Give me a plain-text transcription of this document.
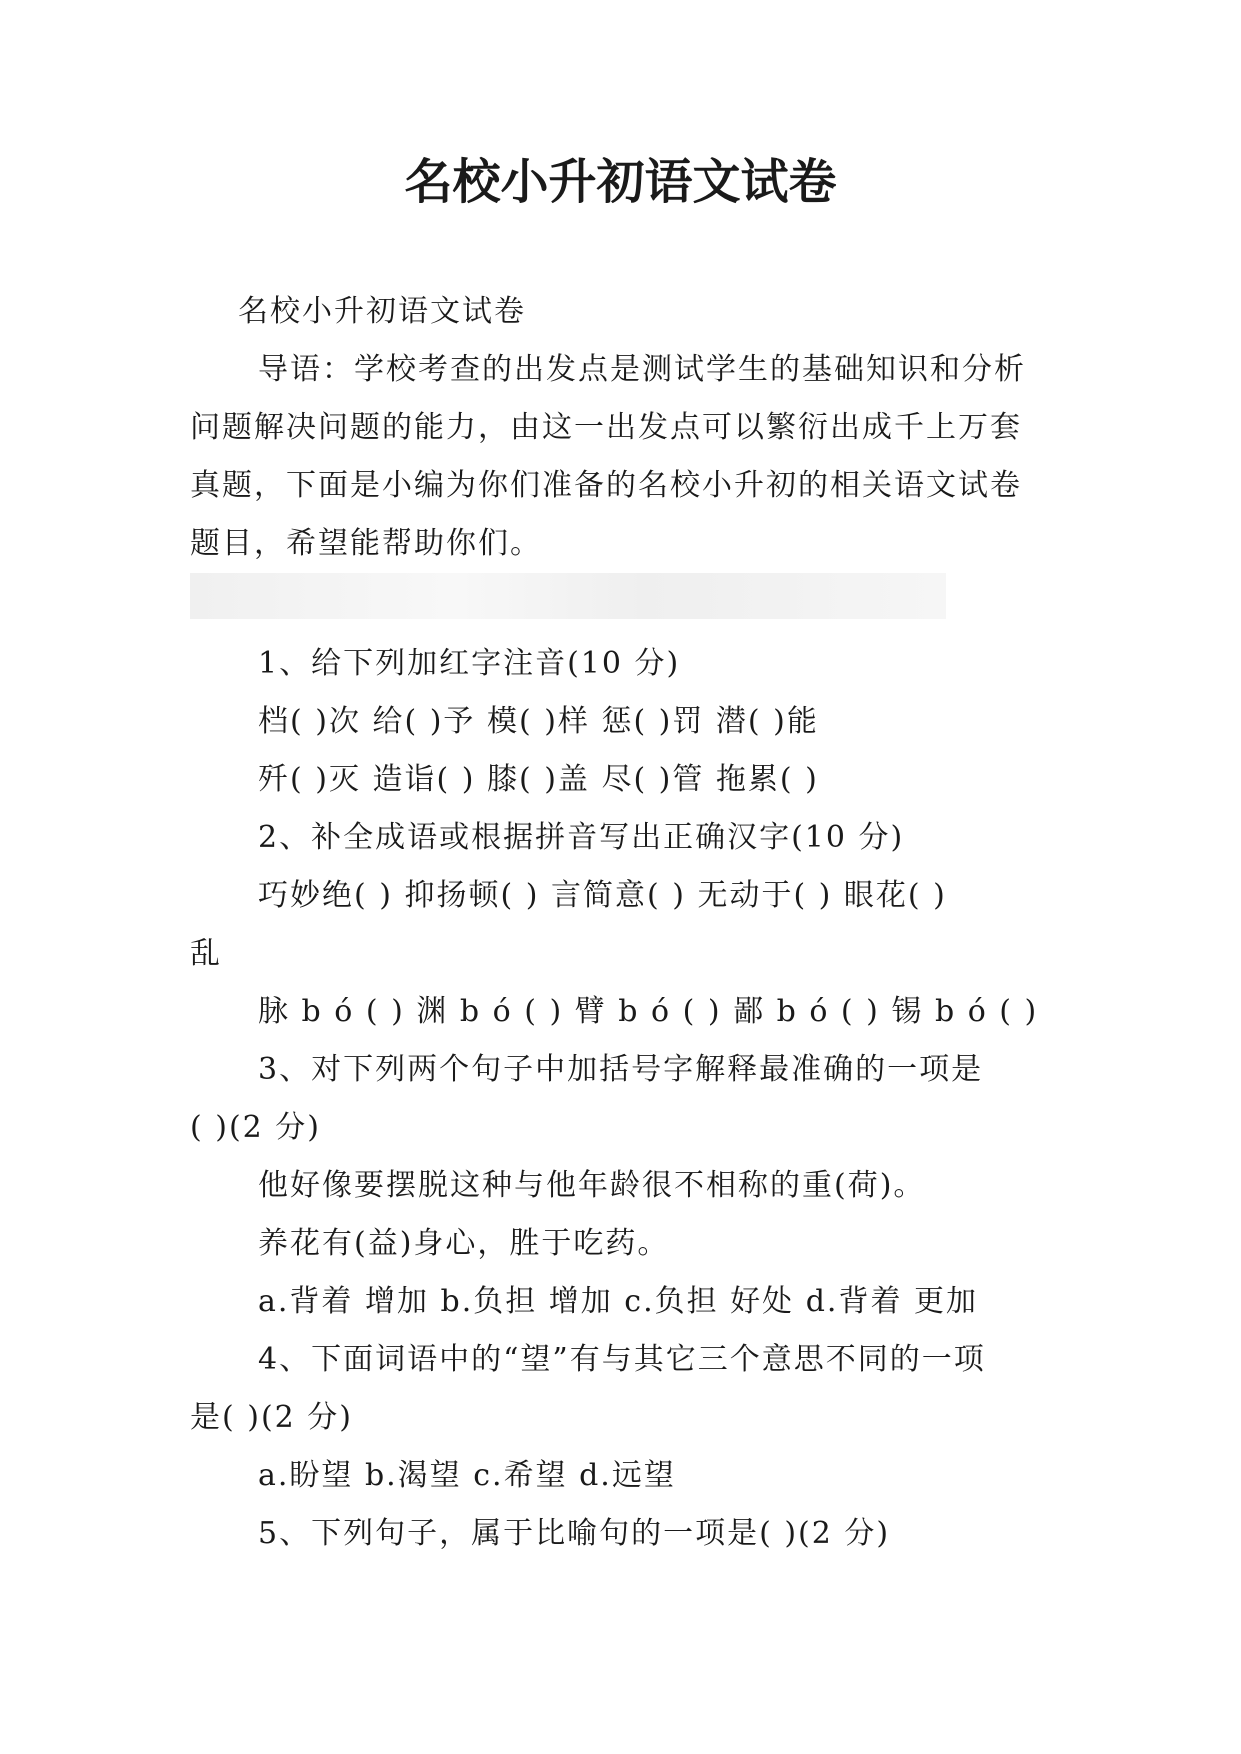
名校小升初语文试卷
名校小升初语文试卷
导语：学校考查的出发点是测试学生的基础知识和分析
问题解决问题的能力，由这一出发点可以繁衍出成千上万套
真题，下面是小编为你们准备的名校小升初的相关语文试卷
题目，希望能帮助你们。
1、给下列加红字注音(10 分)
档( )次 给( )予 模( )样 惩( )罚 潜( )能
歼( )灭 造诣( ) 膝( )盖 尽( )管 拖累( )
2、补全成语或根据拼音写出正确汉字(10 分)
巧妙绝( ) 抑扬顿( ) 言简意( ) 无动于( ) 眼花( )
乱
脉 b ó ( ) 渊 b ó ( ) 臂 b ó ( ) 鄙 b ó ( ) 锡 b ó ( )
3、对下列两个句子中加括号字解释最准确的一项是
( )(2 分)
他好像要摆脱这种与他年龄很不相称的重(荷)。
养花有(益)身心，胜于吃药。
a.背着 增加 b.负担 增加 c.负担 好处 d.背着 更加
4、下面词语中的“望”有与其它三个意思不同的一项
是( )(2 分)
a.盼望 b.渴望 c.希望 d.远望
5、下列句子，属于比喻句的一项是( )(2 分)
